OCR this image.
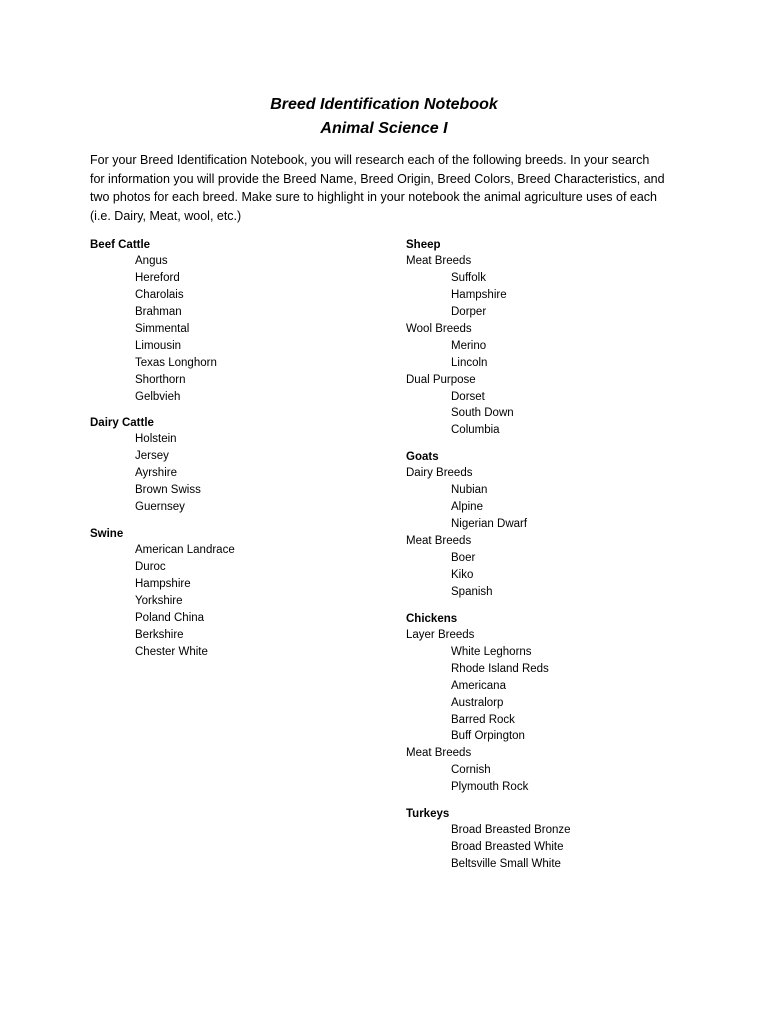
Breed Identification Notebook
Animal Science I

For your Breed Identification Notebook, you will research each of the following breeds. In your search

for information you will provide the Breed Name, Breed Origin, Breed Colors, Breed Characteristics, and

two photos for each breed. Make sure to highlight in your notebook the animal agriculture uses of each

(i.e. Dairy, Meat, wool, etc.)

Beef Cattle
Angus
Hereford
Charolais
Brahman
Simmental
Limousin
Texas Longhorn
Shorthorn
Gelbvieh
Dairy Cattle
Holstein
Jersey
Ayrshire
Brown Swiss
Guernsey
Swine
American Landrace
Duroc
Hampshire
Yorkshire
Poland China
Berkshire
Chester White
Sheep
Meat Breeds
Suffolk
Hampshire
Dorper
Wool Breeds
Merino
Lincoln
Dual Purpose
Dorset
South Down
Columbia
Goats
Dairy Breeds
Nubian
Alpine
Nigerian Dwarf
Meat Breeds
Boer
Kiko
Spanish
Chickens
Layer Breeds
White Leghorns
Rhode Island Reds
Americana
Australorp
Barred Rock
Buff Orpington
Meat Breeds
Cornish
Plymouth Rock
Turkeys
Broad Breasted Bronze
Broad Breasted White
Beltsville Small White
